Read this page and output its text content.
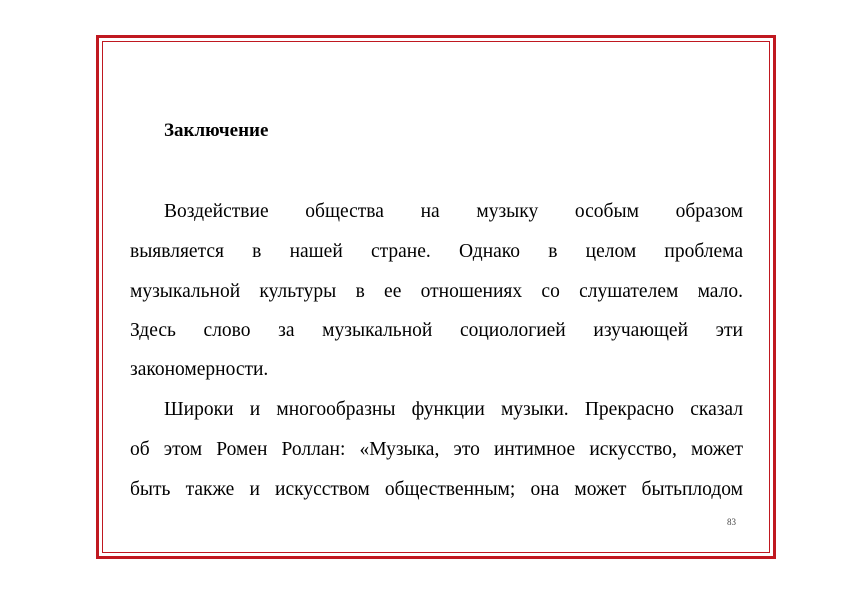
Заключение
Воздействие общества на музыку особым образом
выявляется в нашей стране. Однако в целом проблема
музыкальной культуры в ее отношениях со слушателем мало.
Здесь слово за музыкальной социологией изучающей эти
закономерности.
Широки и многообразны функции музыки. Прекрасно сказал
об этом Ромен Роллан: «Музыка, это интимное искусство, может
быть также и искусством общественным; она может бытьплодом
83
